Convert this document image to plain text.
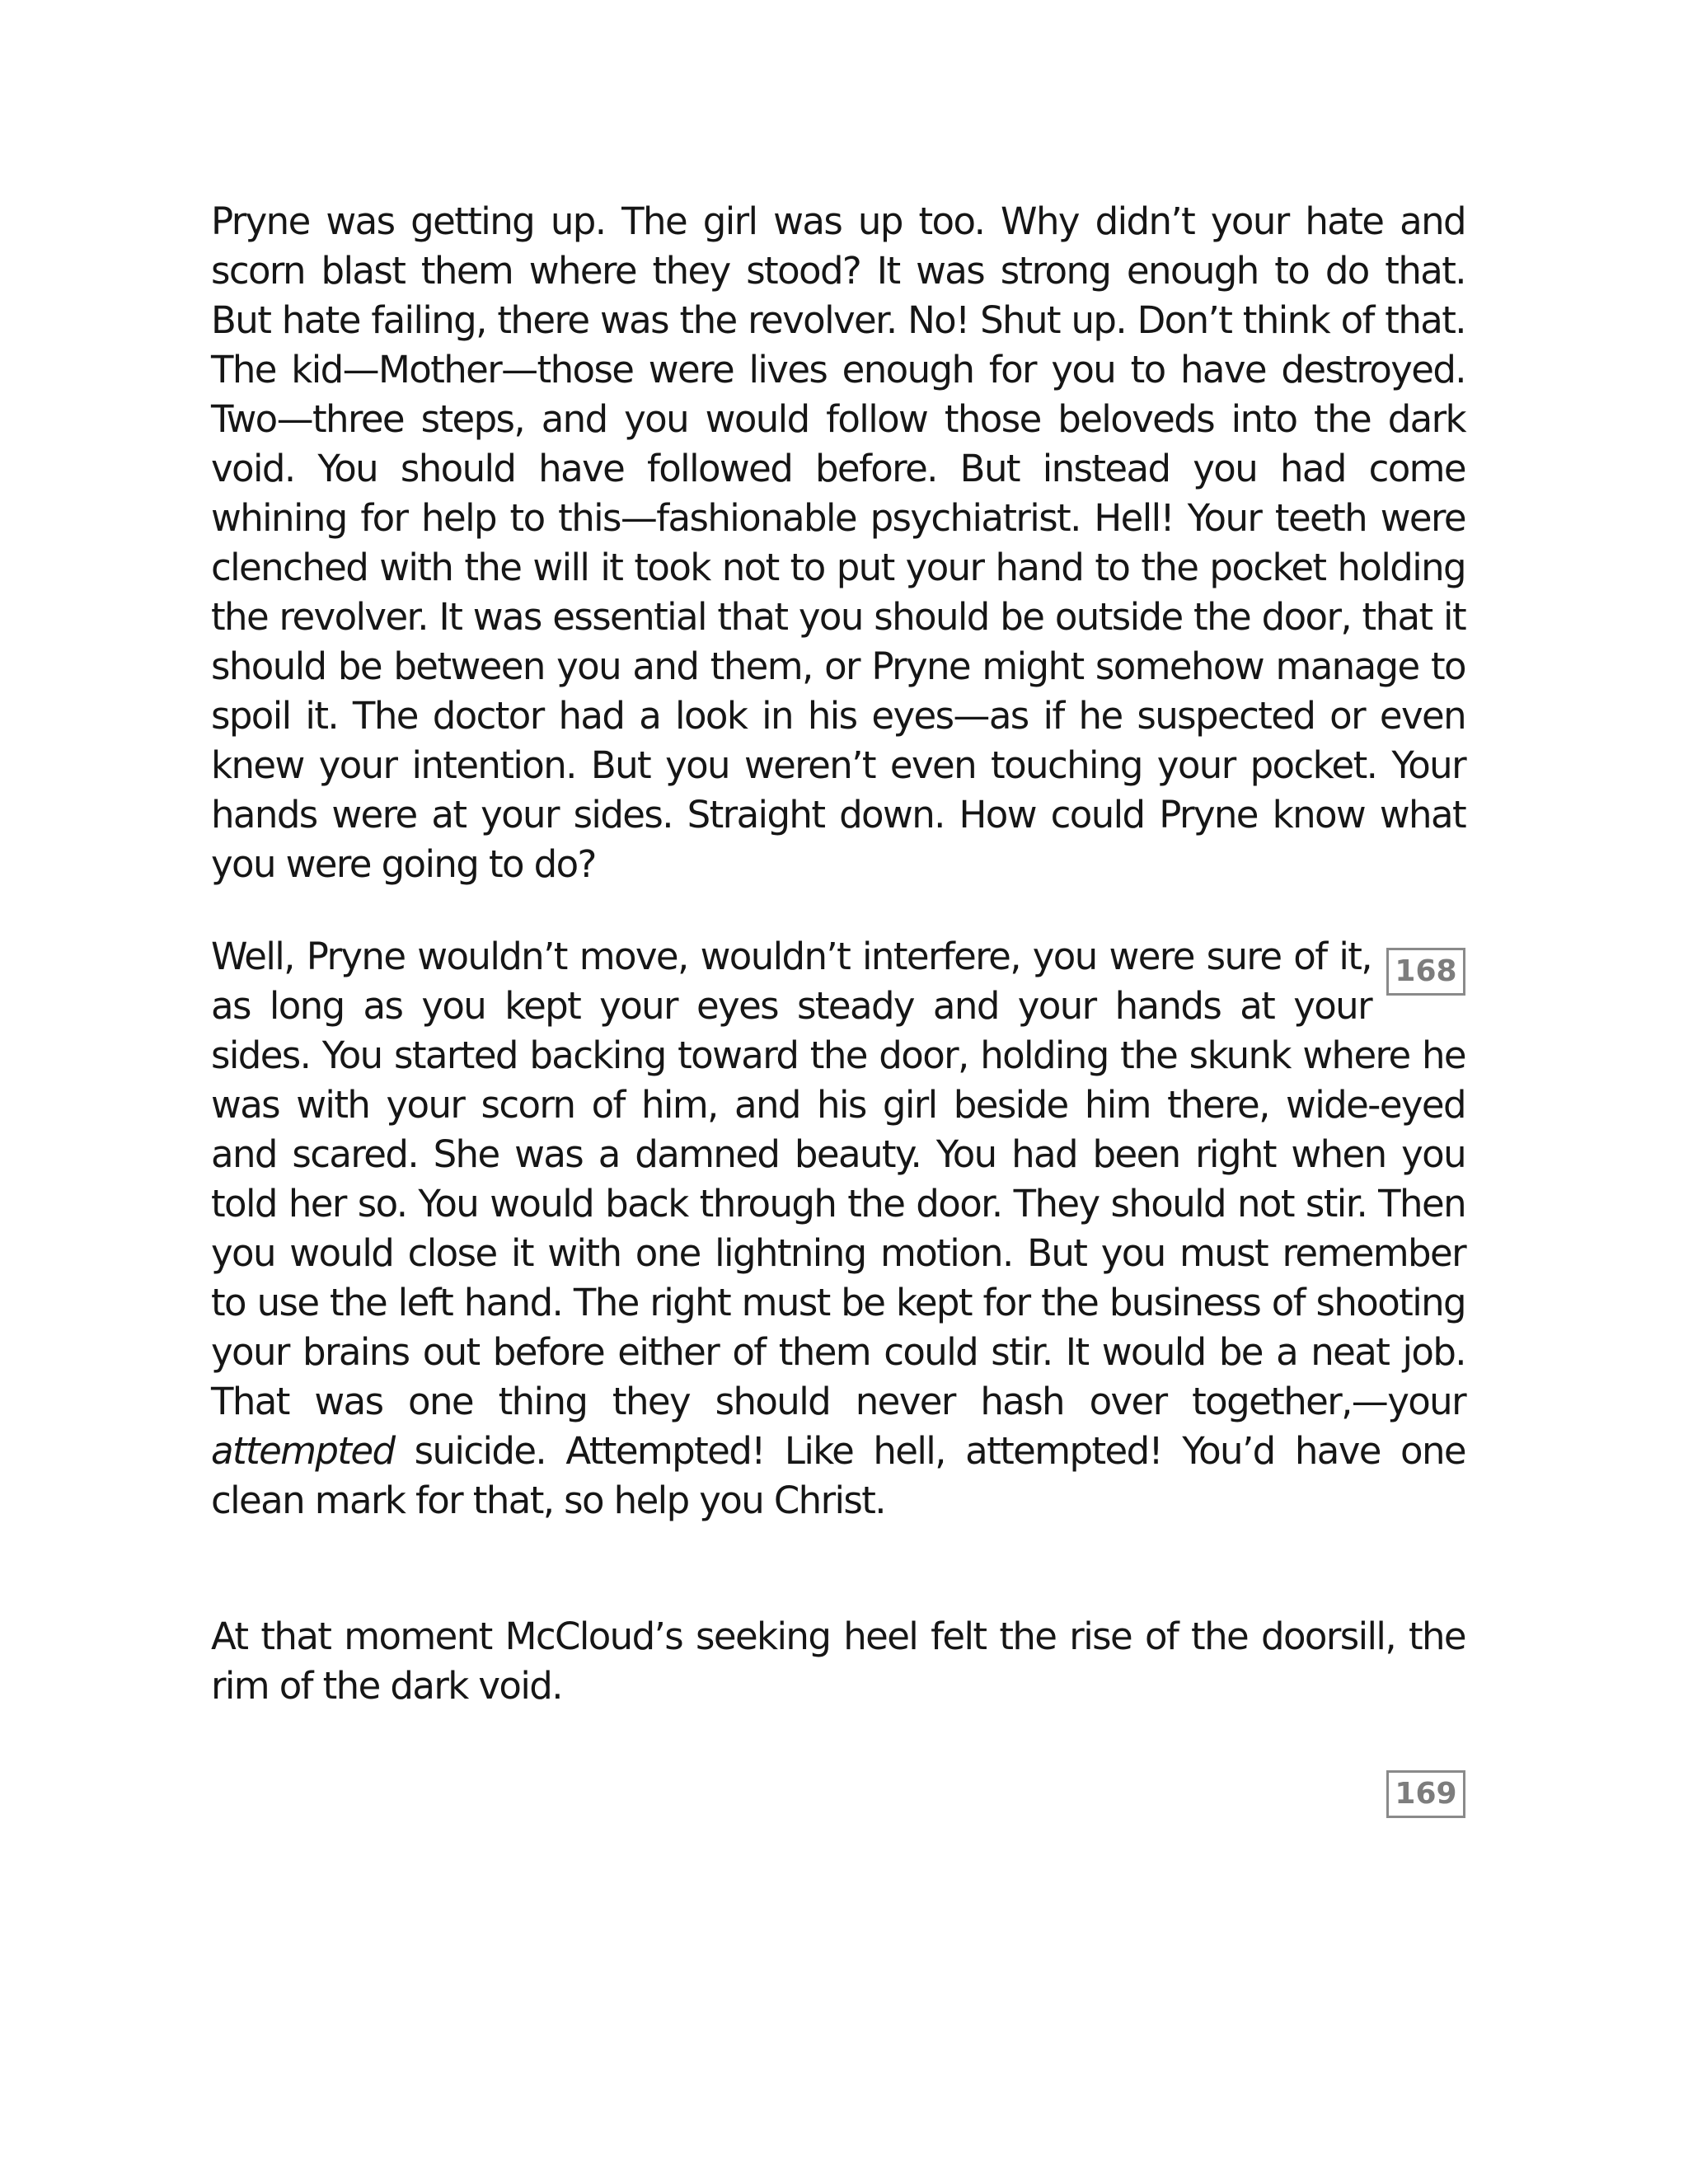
Pryne was getting up. The girl was up too. Why didn’t your hate and scorn blast them where they stood? It was strong enough to do that. But hate failing, there was the revolver. No! Shut up. Don’t think of that. The kid—Mother—those were lives enough for you to have destroyed. Two—three steps, and you would follow those beloveds into the dark void. You should have followed before. But instead you had come whining for help to this—fashionable psychiatrist. Hell! Your teeth were clenched with the will it took not to put your hand to the pocket holding the revolver. It was essential that you should be outside the door, that it should be between you and them, or Pryne might somehow manage to spoil it. The doctor had a look in his eyes—as if he suspected or even knew your intention. But you weren’t even touching your pocket. Your hands were at your sides. Straight down. How could Pryne know what you were going to do?

Well, Pryne wouldn’t move, wouldn’t interfere, you were sure of it, as long as you kept your eyes steady and your hands at your sides. You started backing toward the door, holding the skunk where he was with your scorn of him, and his girl beside him there, wide-eyed and scared. She was a damned beauty. You had been right when you told her so. You would back through the door. They should not stir. Then you would close it with one lightning motion. But you must remember to use the left hand. The right must be kept for the business of shooting your brains out before either of them could stir. It would be a neat job. That was one thing they should never hash over together,—your attempted suicide. Attempted! Like hell, attempted! You’d have one clean mark for that, so help you Christ.

168

At that moment McCloud’s seeking heel felt the rise of the doorsill, the rim of the dark void.

169
